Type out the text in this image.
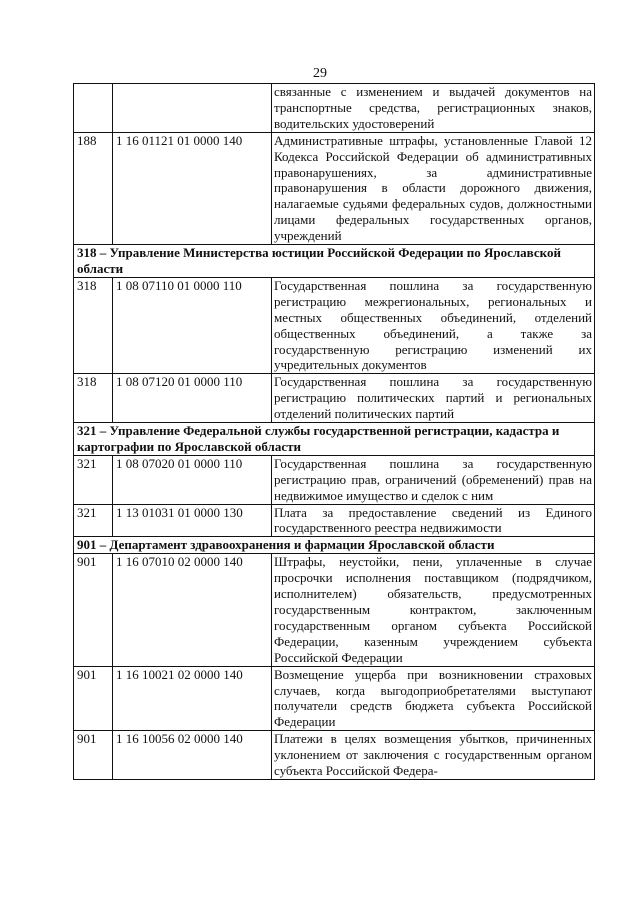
29
		связанные с изменением и выдачей документов на транспортные средства, регистрационных знаков, водительских удостоверений
188	1 16 01121 01 0000 140	Административные штрафы, установленные Главой 12 Кодекса Российской Федерации об административных правонарушениях, за административные правонарушения в области дорожного движения, налагаемые судьями федеральных судов, должностными лицами федеральных государственных органов, учреждений
318 – Управление Министерства юстиции Российской Федерации по Ярославской области		
318	1 08 07110 01 0000 110	Государственная пошлина за государственную регистрацию межрегиональных, региональных и местных общественных объединений, отделений общественных объединений, а также за государственную регистрацию изменений их учредительных документов
318	1 08 07120 01 0000 110	Государственная пошлина за государственную регистрацию политических партий и региональных отделений политических партий
321 – Управление Федеральной службы государственной регистрации, кадастра и картографии по Ярославской области		
321	1 08 07020 01 0000 110	Государственная пошлина за государственную регистрацию прав, ограничений (обременений) прав на недвижимое имущество и сделок с ним
321	1 13 01031 01 0000 130	Плата за предоставление сведений из Единого государственного реестра недвижимости
901 – Департамент здравоохранения и фармации Ярославской области		
901	1 16 07010 02 0000 140	Штрафы, неустойки, пени, уплаченные в случае просрочки исполнения поставщиком (подрядчиком, исполнителем) обязательств, предусмотренных государственным контрактом, заключенным государственным органом субъекта Российской Федерации, казенным учреждением субъекта Российской Федерации
901	1 16 10021 02 0000 140	Возмещение ущерба при возникновении страховых случаев, когда выгодоприобретателями выступают получатели средств бюджета субъекта Российской Федерации
901	1 16 10056 02 0000 140	Платежи в целях возмещения убытков, причиненных уклонением от заключения с государственным органом субъекта Российской Федера-
